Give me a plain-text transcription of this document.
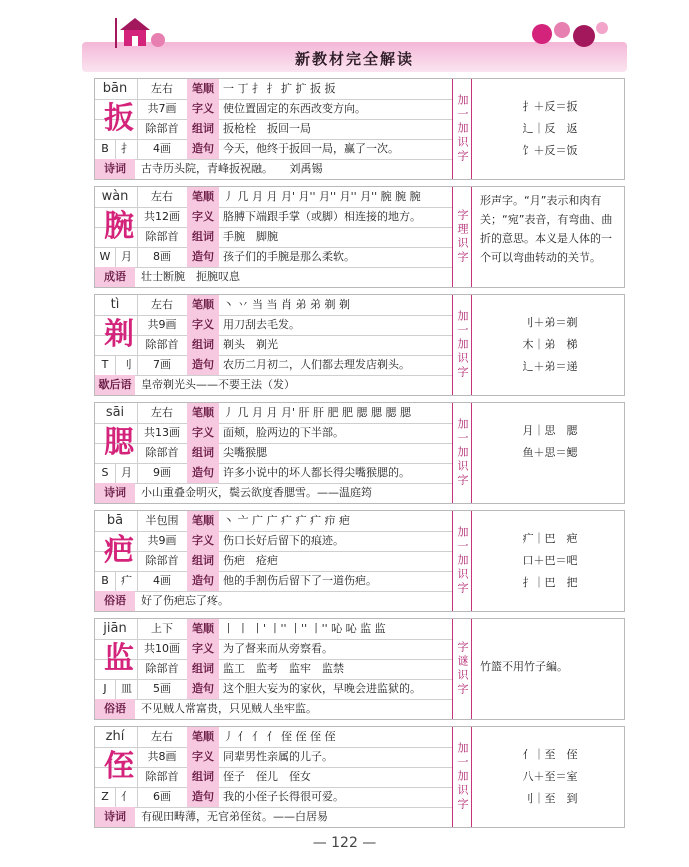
新教材完全解读
bān	左右	笔顺 一 丁 扌 扌 扩 扩 扳 扳
共7画	字义 使位置固定的东西改变方向。
除部首	组词 扳枪栓　扳回一局
B	扌	4画	造句 今天，他终于扳回一局，赢了一次。
诗词	古寺历头院，青峰扳祝融。　　刘禹锡
扳	加一加识字	扌＋反＝扳
辶｜反　返
饣＋反＝饭
wàn	左右	笔顺 丿 几 月 月 月' 月'' 月'' 月'' 月'' 腕 腕 腕
共12画	字义 胳膊下端跟手掌（或脚）相连接的地方。
除部首	组词 手腕　脚腕
W 月	8画	造句 孩子们的手腕是那么柔软。
成语	壮士断腕　扼腕叹息
腕	字理识字
形声字。“月”表示和肉有关；“宛”表音，有弯曲、曲折的意思。本义是人体的一个可以弯曲转动的关节。
tì	左右	笔顺 丶 丷 当 当 肖 弟 弟 剃 剃
共9画	字义 用刀刮去毛发。
除部首	组词 剃头　剃光
T	刂	7画	造句 农历二月初二，人们都去理发店剃头。
歇后语 皇帝剃光头——不要王法（发）
剃	加一加识字	刂＋弟＝剃
木｜弟　梯
辶＋弟＝递
sāi	左右	笔顺 丿 几 月 月 月' 肝 肝 肥 肥 腮 腮 腮 腮
共13画	字义 面颊，脸两边的下半部。
除部首	组词 尖嘴猴腮
S	月	9画	造句 许多小说中的坏人都长得尖嘴猴腮的。
诗词	小山重叠金明灭，鬓云欲度香腮雪。——温庭筠
腮	加一加识字	月｜思　腮
鱼＋思＝鳃
bā	半包围	笔顺 丶 亠 广 广 疒 疒 疒 疖 疤
共9画	字义 伤口长好后留下的痕迹。
除部首	组词 伤疤　疮疤
B	疒	4画	造句 他的手割伤后留下了一道伤疤。
俗语	好了伤疤忘了疼。
疤	加一加识字	疒｜巴　疤
口＋巴＝吧
扌｜巴　把
jiān	上下	笔顺 丨 丨 丨' 丨'' 丨'' 丨'' 吣 吣 监 监
共10画	字义 为了督来而从旁察看。
除部首	组词 监工　监考　监牢　监禁
J	皿	5画	造句 这个胆大妄为的家伙，早晚会进监狱的。
俗语	不见贼人常富贵，只见贼人坐牢监。
监	字谜识字 竹篮不用竹子編。
zhí	左右	笔顺 丿 亻 亻 亻 侄 侄 侄 侄
共8画	字义 同辈男性亲属的儿子。
除部首	组词 侄子　侄儿　侄女
Z	亻	6画	造句 我的小侄子长得很可爱。
诗词	有砚田畴薄，无官弟侄贫。——白居易
侄	加一加识字	亻｜至　侄
八＋至＝室
刂｜至　到
— 122 —
